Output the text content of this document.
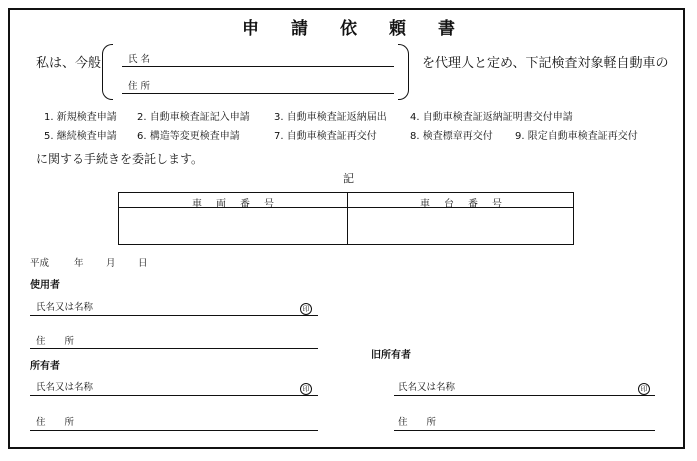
申請依頼書
私は、今般	氏 名
住 所
を代理人と定め、下記検査対象軽自動車の
1. 新規検査申請 2. 自動車検査証記入申請 3. 自動車検査証返納届出 4. 自動車検査証返納証明書交付申請
5. 継続検査申請 6. 構造等変更検査申請	7. 自動車検査証再交付	8. 検査標章再交付 9. 限定自動車検査証再交付
に関する手続きを委託します。
記
車両番号	車台番号
平成	年 月 日
使用者
氏名又は名称	印
住　　所
所有者
氏名又は名称	印
住　　所
旧所有者
氏名又は名称	印
住　　所
